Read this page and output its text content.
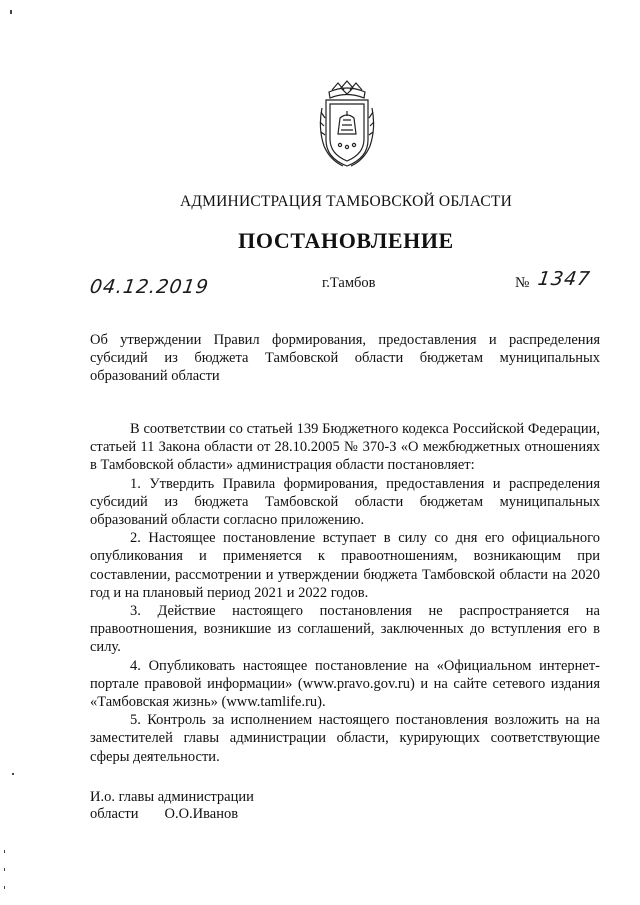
АДМИНИСТРАЦИЯ ТАМБОВСКОЙ ОБЛАСТИ
ПОСТАНОВЛЕНИЕ
04.12.2019	г.Тамбов	№ 1347
Об утверждении Правил формирования, предоставления и распределения субсидий из бюджета Тамбовской области бюджетам муниципальных образований области

В соответствии со статьей 139 Бюджетного кодекса Российской Федерации, статьей 11 Закона области от 28.10.2005 № 370-З «О межбюджетных отношениях в Тамбовской области» администрация области постановляет:

1. Утвердить Правила формирования, предоставления и распределения субсидий из бюджета Тамбовской области бюджетам муниципальных образований области согласно приложению.

2. Настоящее постановление вступает в силу со дня его официального опубликования и применяется к правоотношениям, возникающим при составлении, рассмотрении и утверждении бюджета Тамбовской области на 2020 год и на плановый период 2021 и 2022 годов.

3. Действие настоящего постановления не распространяется на правоотношения, возникшие из соглашений, заключенных до вступления его в силу.

4. Опубликовать настоящее постановление на «Официальном интернет-портале правовой информации» (www.pravo.gov.ru) и на сайте сетевого издания «Тамбовская жизнь» (www.tamlife.ru).

5. Контроль за исполнением настоящего постановления возложить на на заместителей главы администрации области, курирующих соответствующие сферы деятельности.

И.о. главы администрации
области О.О.Иванов
